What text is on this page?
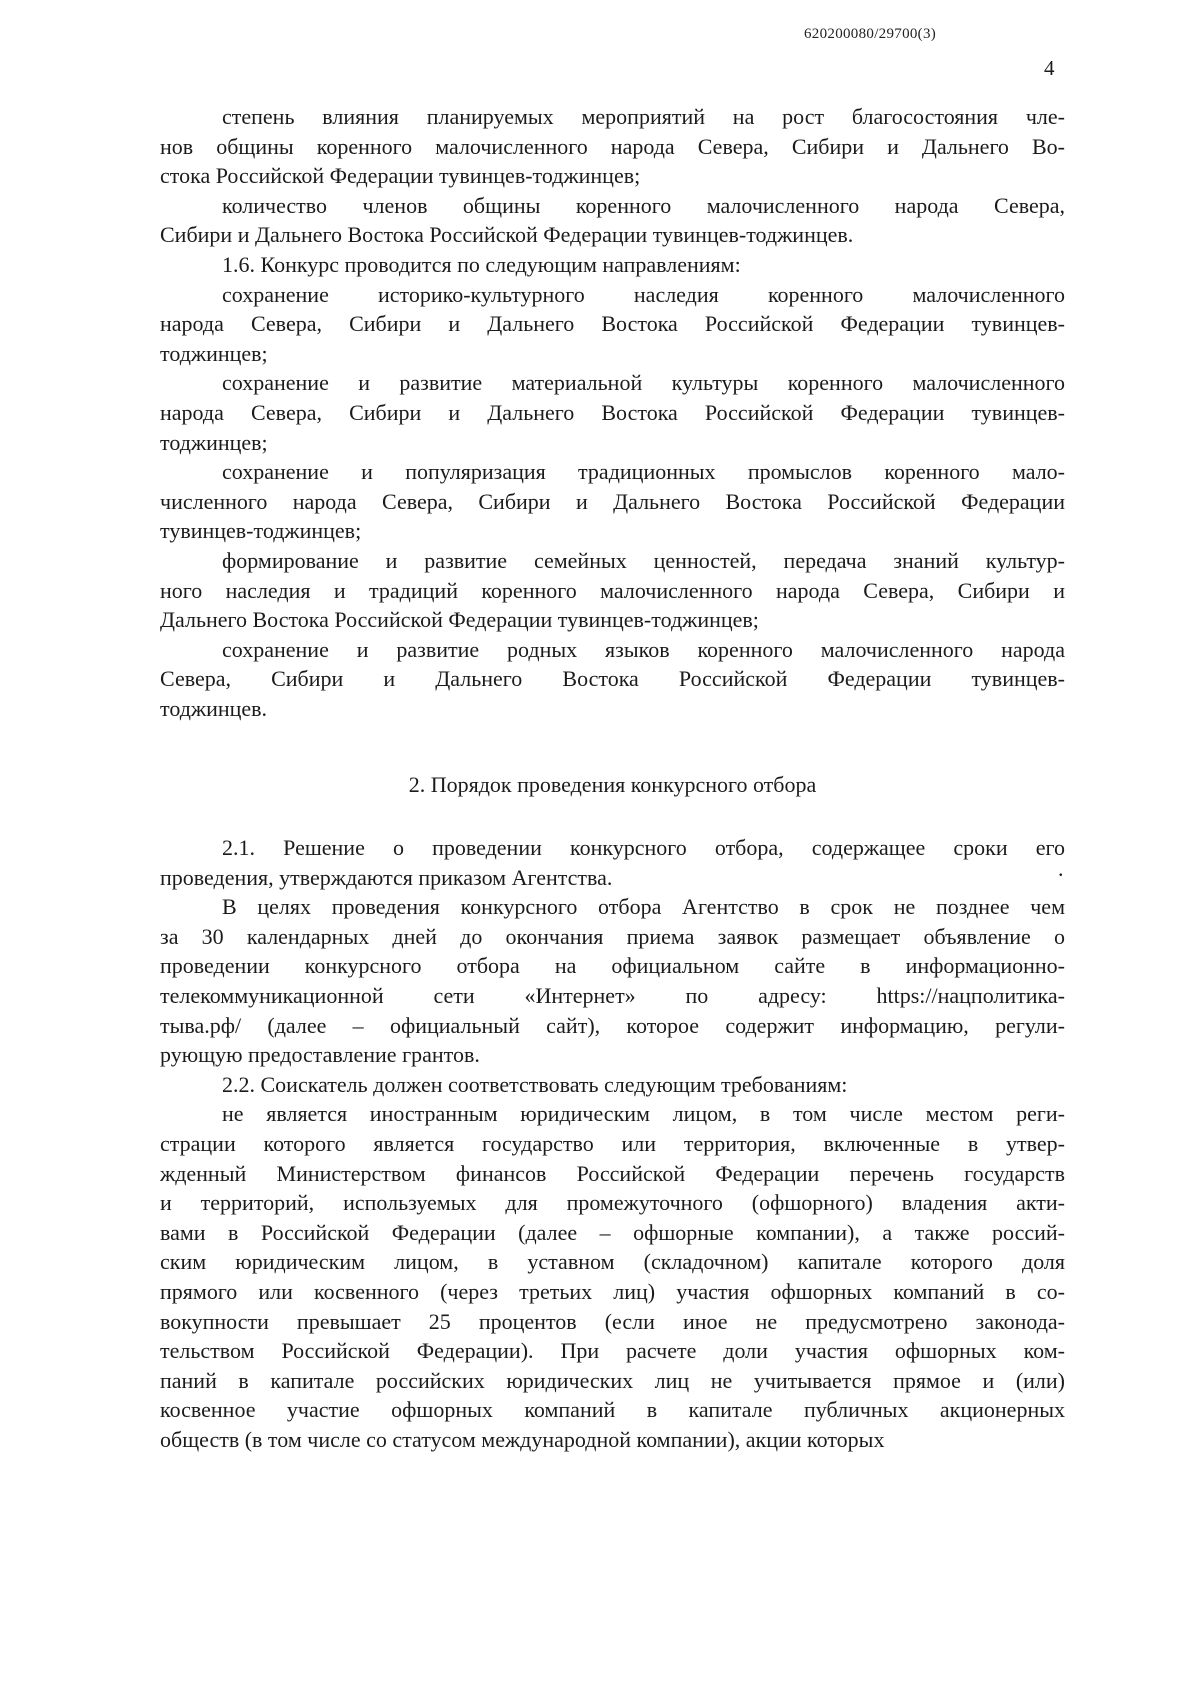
620200080/29700(3)
4
степень влияния планируемых мероприятий на рост благосостояния чле-
нов общины коренного малочисленного народа Севера, Сибири и Дальнего Во-
стока Российской Федерации тувинцев-тоджинцев;
количество членов общины коренного малочисленного народа Севера,
Сибири и Дальнего Востока Российской Федерации тувинцев-тоджинцев.
1.6. Конкурс проводится по следующим направлениям:
сохранение историко-культурного наследия коренного малочисленного
народа Севера, Сибири и Дальнего Востока Российской Федерации тувинцев-
тоджинцев;
сохранение и развитие материальной культуры коренного малочисленного
народа Севера, Сибири и Дальнего Востока Российской Федерации тувинцев-
тоджинцев;
сохранение и популяризация традиционных промыслов коренного мало-
численного народа Севера, Сибири и Дальнего Востока Российской Федерации
тувинцев-тоджинцев;
формирование и развитие семейных ценностей, передача знаний культур-
ного наследия и традиций коренного малочисленного народа Севера, Сибири и
Дальнего Востока Российской Федерации тувинцев-тоджинцев;
сохранение и развитие родных языков коренного малочисленного народа
Севера, Сибири и Дальнего Востока Российской Федерации тувинцев-
тоджинцев.
2. Порядок проведения конкурсного отбора
2.1. Решение о проведении конкурсного отбора, содержащее сроки его
проведения, утверждаются приказом Агентства.
В целях проведения конкурсного отбора Агентство в срок не позднее чем
за 30 календарных дней до окончания приема заявок размещает объявление о
проведении конкурсного отбора на официальном сайте в информационно-
телекоммуникационной сети «Интернет» по адресу: https://нацполитика-
тыва.рф/ (далее – официальный сайт), которое содержит информацию, регули-
рующую предоставление грантов.
2.2. Соискатель должен соответствовать следующим требованиям:
не является иностранным юридическим лицом, в том числе местом реги-
страции которого является государство или территория, включенные в утвер-
жденный Министерством финансов Российской Федерации перечень государств
и территорий, используемых для промежуточного (офшорного) владения акти-
вами в Российской Федерации (далее – офшорные компании), а также россий-
ским юридическим лицом, в уставном (складочном) капитале которого доля
прямого или косвенного (через третьих лиц) участия офшорных компаний в со-
вокупности превышает 25 процентов (если иное не предусмотрено законода-
тельством Российской Федерации). При расчете доли участия офшорных ком-
паний в капитале российских юридических лиц не учитывается прямое и (или)
косвенное участие офшорных компаний в капитале публичных акционерных
обществ (в том числе со статусом международной компании), акции которых
.
